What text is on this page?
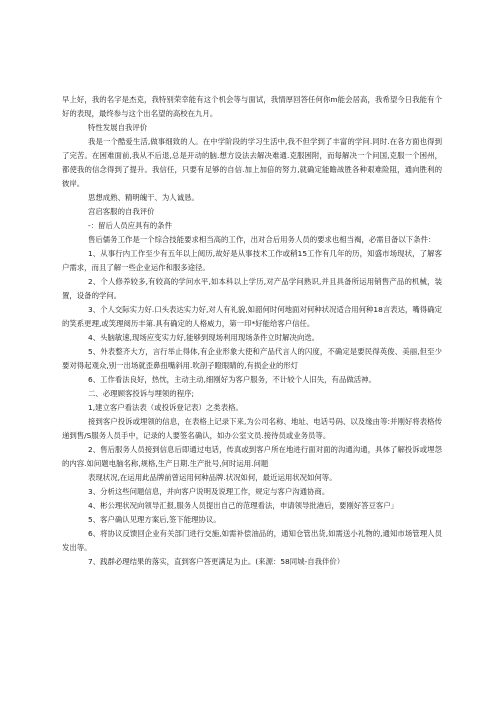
早上好，我的名字是杰克，我特别荣幸能有这个机会等与面试，我情厚回答任何你m能会居高，我希望今日我能有个好的表现，最终参与这个出名望的高校在九月。

特性发展自我评价

我是一个酷爱生活,做事细致的人。在中学阶段的学习生活中,我不但学到了丰富的学问.同时.在各方面也得到了完苦。在困难面前,我从不后退,总是开动的脑.想方设法去解决难通.克服困附，而每解决一个问国,克服一个困州，都使我的信念得到了提升。我信任，只要有足够的自信.加上加倍的努力,就确定能瞻战胜各种艰难险阻，通向胜利的彼岸。

思想成熟、精明魄干、为人诚恳。

宫启客服的自我评价

-：留后人员应具有的条件

售后儒务工作是一个综合技能要求相当高的工作，出对合后用务人员的要求也相当褐，必需目备以下条件：

1、从事行内工作至少有五年以上阅历,故好是从事技术工作或稍15工作有几年的历，知盛市场现状，了解客户需求，而且了解一些企业运作和服多途径。

2、个人修养较多,有较高的学问水平,如本科以上学历,对产品学问熟识,并且具备所运用销售产品的机械，装置，设备的学问。

3、个人交际实力好.口头表达实力好,对人有礼貌,如韶何时何地面对何种状况适合用何种18言表达，嘴得确定的笑系更理,或笑理阅历丰第.具有确定的人格威力，第一印*好能给客户信任。

4、头脑敏速,现场应变实力好,能够到现场利用现场条件立时解决向迭。

5、外表整齐大方，言行举止得体,有企业形象大使和产品代言人的闪度，不确定是要民得英俊、美丽,但至少要对得起观众,别一出场就歪鼻扭嘴斜用.吹剖子瞪眼睛的,有损企业的形灯

6、工作看法良好，热忱，主动主动,细刚好为客户服务，不计较个人旧失，有品做活神。

二、必理顾客投诉与埋领的程序;

1,建立客户看法表（或投诉登记表）之类表格。

接到客户投诉或埋领的信息，在表格上记录下来,为公司名称、地址、电话号码、以及缘由等:并刚好将表格传递到售/S服务人员手中，记录的人要签名确认，如办公室文员.接待员或业务员等。

2、售后服务人员接到信息后即通过电话，传真或到客户所在地进行面对面的沟通沟通，具体了解投诉或埋怨的内容.如问题电脑名称,规格,生产日期.生产批号,何时运用.问题

表现状况,在运用此品牌前曾运用何种品牌.状况如何，最近运用状况如何等。

3、分析这些问题信息，并向客户说明及说理工作，规定与客户沟通协商。

4、彬公理状况向领导汇报,服务人员提出自己的范理看法，申请领导批港后，要刚好答豆客户」

5、客户确认见理方案后,签下能理协议。

6、将协议反馈回企业有关部门进行交施,如需补偿油品的，通知仓管出货,如需送小礼物的,通知市场管理人员发出等。

7、践群必理结果的落实，直到客户答更满足为止。(来源：58同城-自我伴价）
